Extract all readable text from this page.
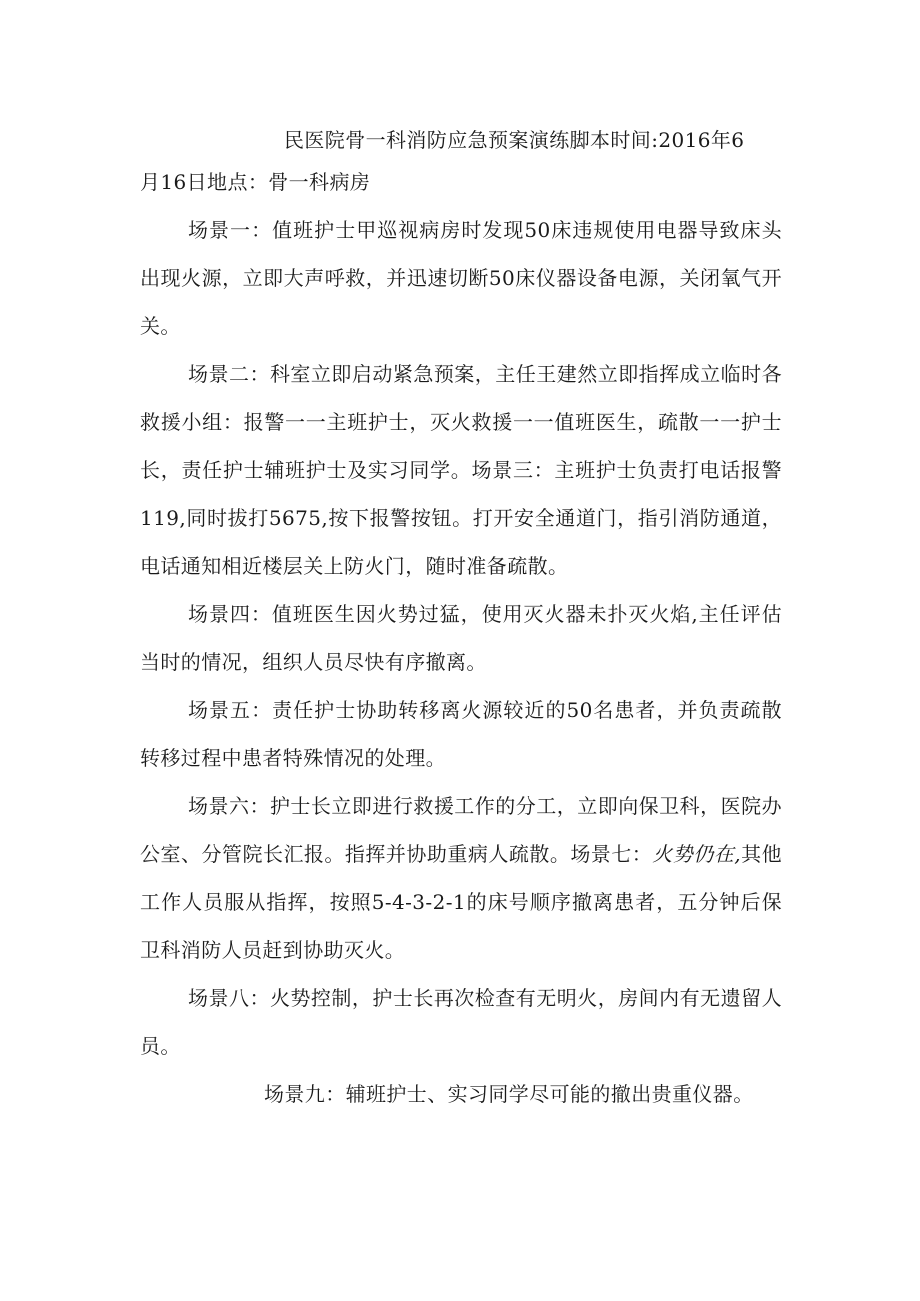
民医院骨一科消防应急预案演练脚本时间:2016年6

月16日地点：骨一科病房

场景一：值班护士甲巡视病房时发现50床违规使用电器导致床头出现火源，立即大声呼救，并迅速切断50床仪器设备电源，关闭氧气开关。

场景二：科室立即启动紧急预案，主任王建然立即指挥成立临时各救援小组：报警一一主班护士，灭火救援一一值班医生，疏散一一护士长，责任护士辅班护士及实习同学。场景三：主班护士负责打电话报警119,同时拔打5675,按下报警按钮。打开安全通道门，指引消防通道，电话通知相近楼层关上防火门，随时准备疏散。

场景四：值班医生因火势过猛，使用灭火器未扑灭火焰,主任评估当时的情况，组织人员尽快有序撤离。

场景五：责任护士协助转移离火源较近的50名患者，并负责疏散转移过程中患者特殊情况的处理。

场景六：护士长立即进行救援工作的分工，立即向保卫科，医院办公室、分管院长汇报。指挥并协助重病人疏散。场景七：火势仍在,其他工作人员服从指挥，按照5-4-3-2-1的床号顺序撤离患者，五分钟后保卫科消防人员赶到协助灭火。

场景八：火势控制，护士长再次检查有无明火，房间内有无遗留人员。

场景九：辅班护士、实习同学尽可能的撤出贵重仪器。
